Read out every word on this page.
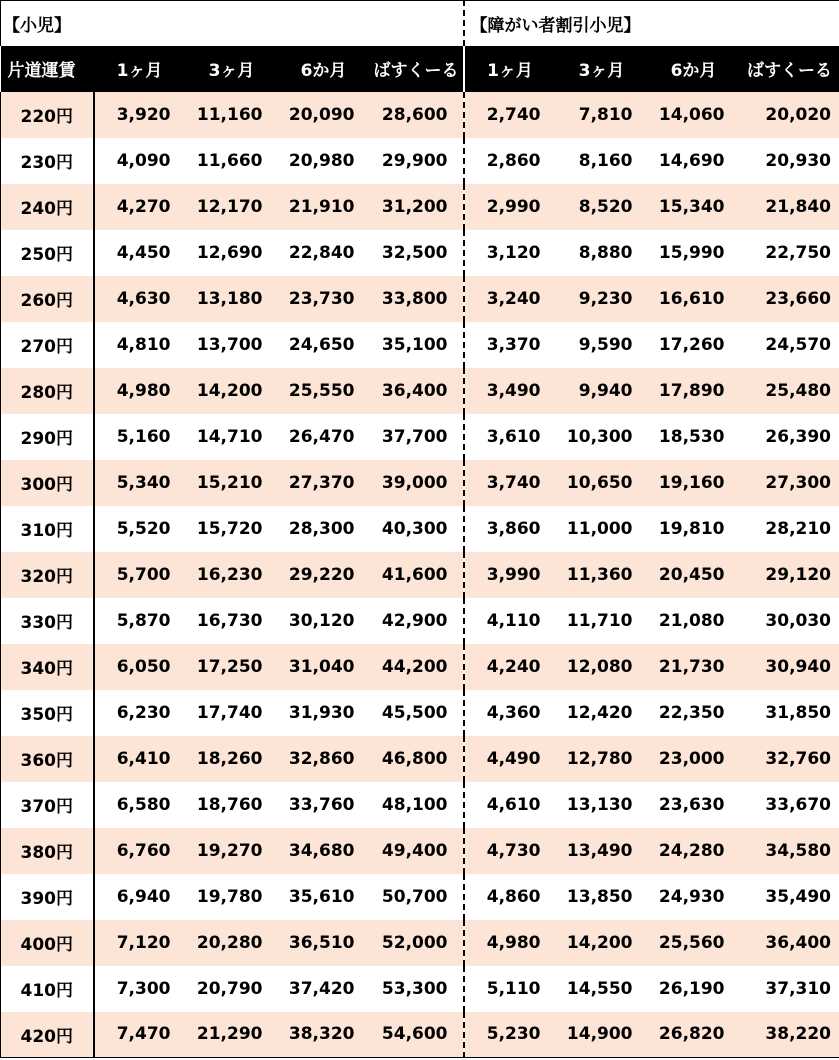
【小児】					【障がい者割引小児】			
片道運賃	1ヶ月	3ヶ月	6か月	ばすくーる	1ヶ月	3ヶ月	6か月	ばすくーる
220円	3,920	11,160	20,090	28,600	2,740	7,810	14,060	20,020
230円	4,090	11,660	20,980	29,900	2,860	8,160	14,690	20,930
240円	4,270	12,170	21,910	31,200	2,990	8,520	15,340	21,840
250円	4,450	12,690	22,840	32,500	3,120	8,880	15,990	22,750
260円	4,630	13,180	23,730	33,800	3,240	9,230	16,610	23,660
270円	4,810	13,700	24,650	35,100	3,370	9,590	17,260	24,570
280円	4,980	14,200	25,550	36,400	3,490	9,940	17,890	25,480
290円	5,160	14,710	26,470	37,700	3,610	10,300	18,530	26,390
300円	5,340	15,210	27,370	39,000	3,740	10,650	19,160	27,300
310円	5,520	15,720	28,300	40,300	3,860	11,000	19,810	28,210
320円	5,700	16,230	29,220	41,600	3,990	11,360	20,450	29,120
330円	5,870	16,730	30,120	42,900	4,110	11,710	21,080	30,030
340円	6,050	17,250	31,040	44,200	4,240	12,080	21,730	30,940
350円	6,230	17,740	31,930	45,500	4,360	12,420	22,350	31,850
360円	6,410	18,260	32,860	46,800	4,490	12,780	23,000	32,760
370円	6,580	18,760	33,760	48,100	4,610	13,130	23,630	33,670
380円	6,760	19,270	34,680	49,400	4,730	13,490	24,280	34,580
390円	6,940	19,780	35,610	50,700	4,860	13,850	24,930	35,490
400円	7,120	20,280	36,510	52,000	4,980	14,200	25,560	36,400
410円	7,300	20,790	37,420	53,300	5,110	14,550	26,190	37,310
420円	7,470	21,290	38,320	54,600	5,230	14,900	26,820	38,220
